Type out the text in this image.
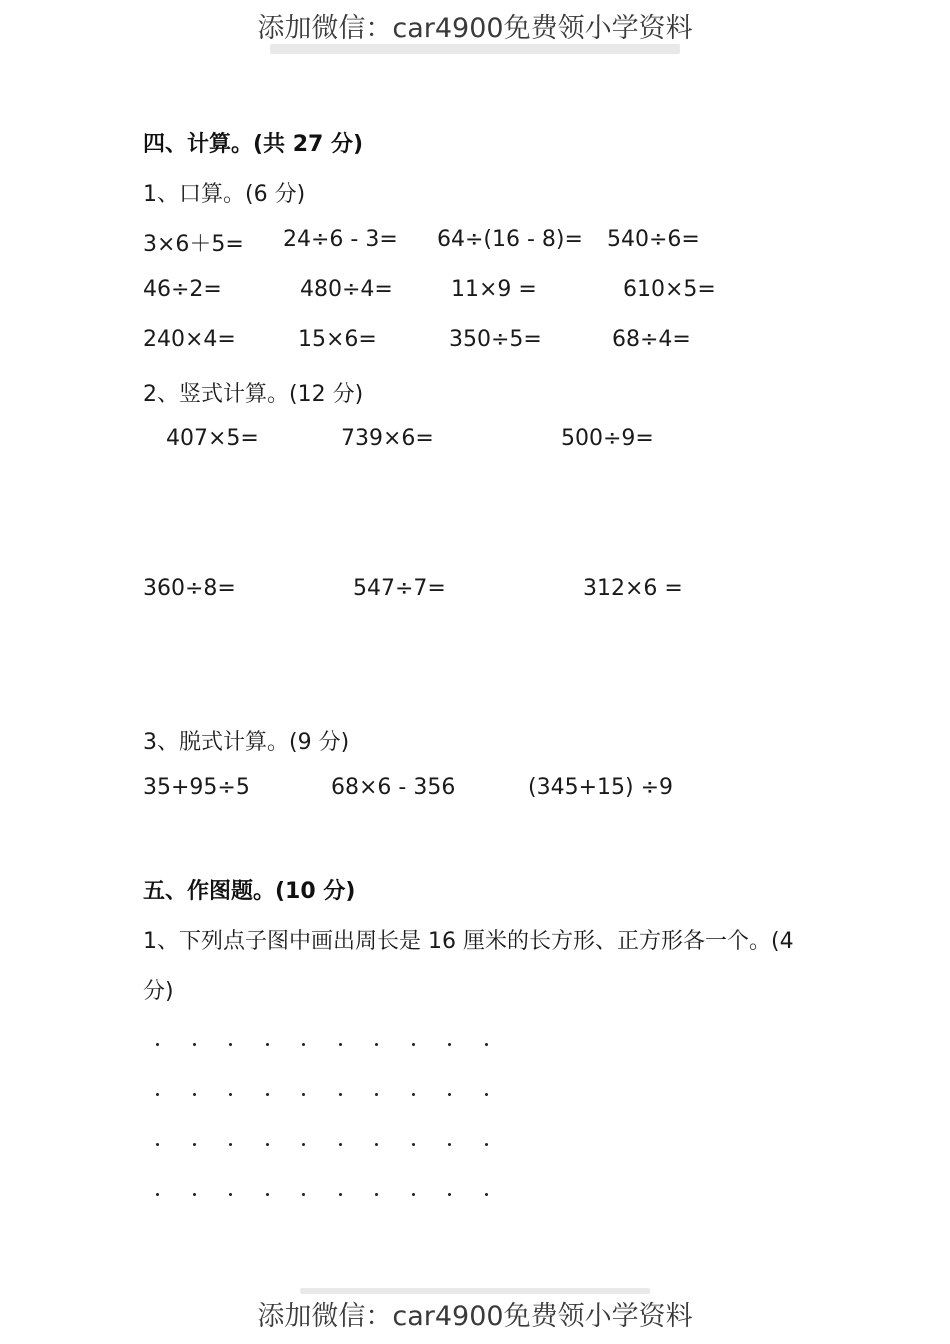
添加微信：car4900免费领小学资料
四、计算。(共 27 分)
1、口算。(6 分)
3×6＋5= 24÷6 - 3= 64÷(16 - 8)= 540÷6=
46÷2=	480÷4=	11×9 =	610×5=
240×4=	15×6=	350÷5=	68÷4=
2、竖式计算。(12 分)
407×5=	739×6=	500÷9=
360÷8=	547÷7=	312×6 =
3、脱式计算。(9 分)
35+95÷5	68×6 - 356	(345+15) ÷9
五、作图题。(10 分)
1、下列点子图中画出周长是 16 厘米的长方形、正方形各一个。(4
分)
添加微信：car4900免费领小学资料
